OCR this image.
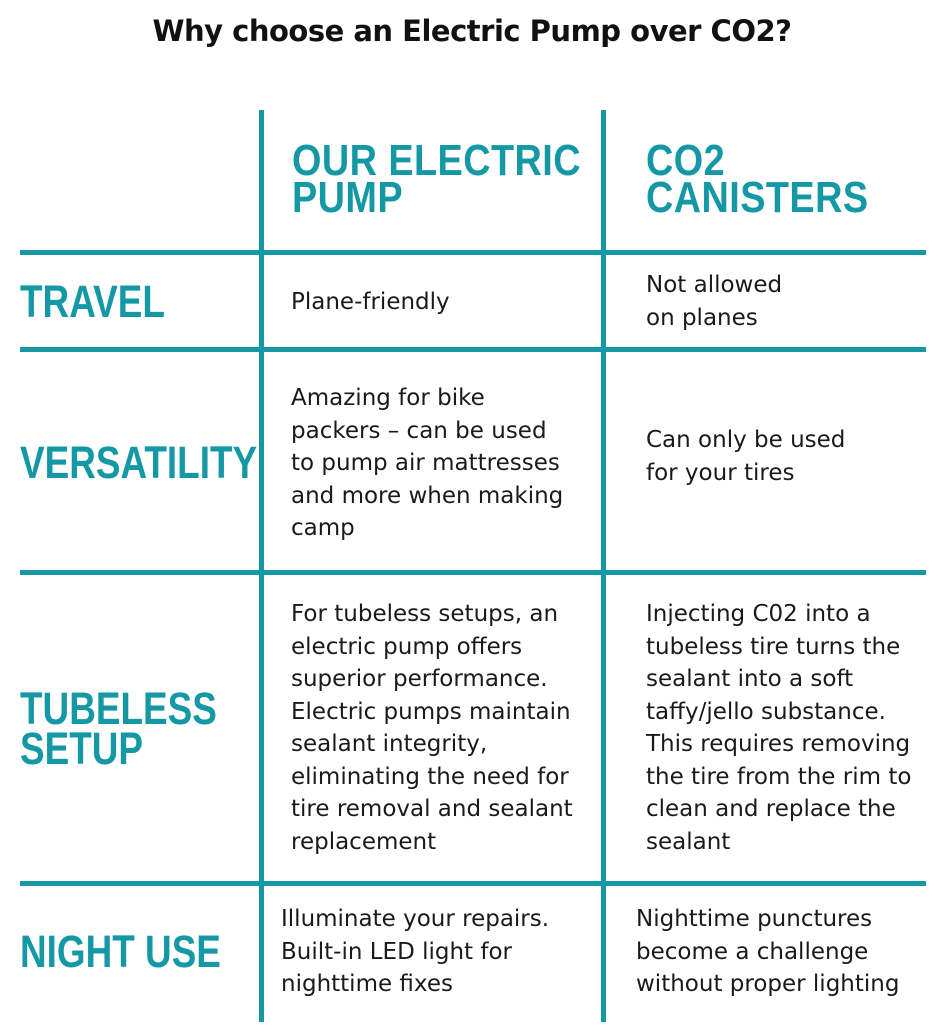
Why choose an Electric Pump over CO2?
OUR ELECTRIC
PUMP
CO2
CANISTERS
TRAVEL	Plane-friendly
Not allowed
on planes
VERSATILITY
Amazing for bike
packers – can be used
to pump air mattresses
and more when making
camp
Can only be used
for your tires
TUBELESS
SETUP
For tubeless setups, an
electric pump offers
superior performance.
Electric pumps maintain
sealant integrity,
eliminating the need for
tire removal and sealant
replacement
Injecting C02 into a
tubeless tire turns the
sealant into a soft
taffy/jello substance.
This requires removing
the tire from the rim to
clean and replace the
sealant
NIGHT USE
Illuminate your repairs.
Built-in LED light for
nighttime fixes
Nighttime punctures
become a challenge
without proper lighting
